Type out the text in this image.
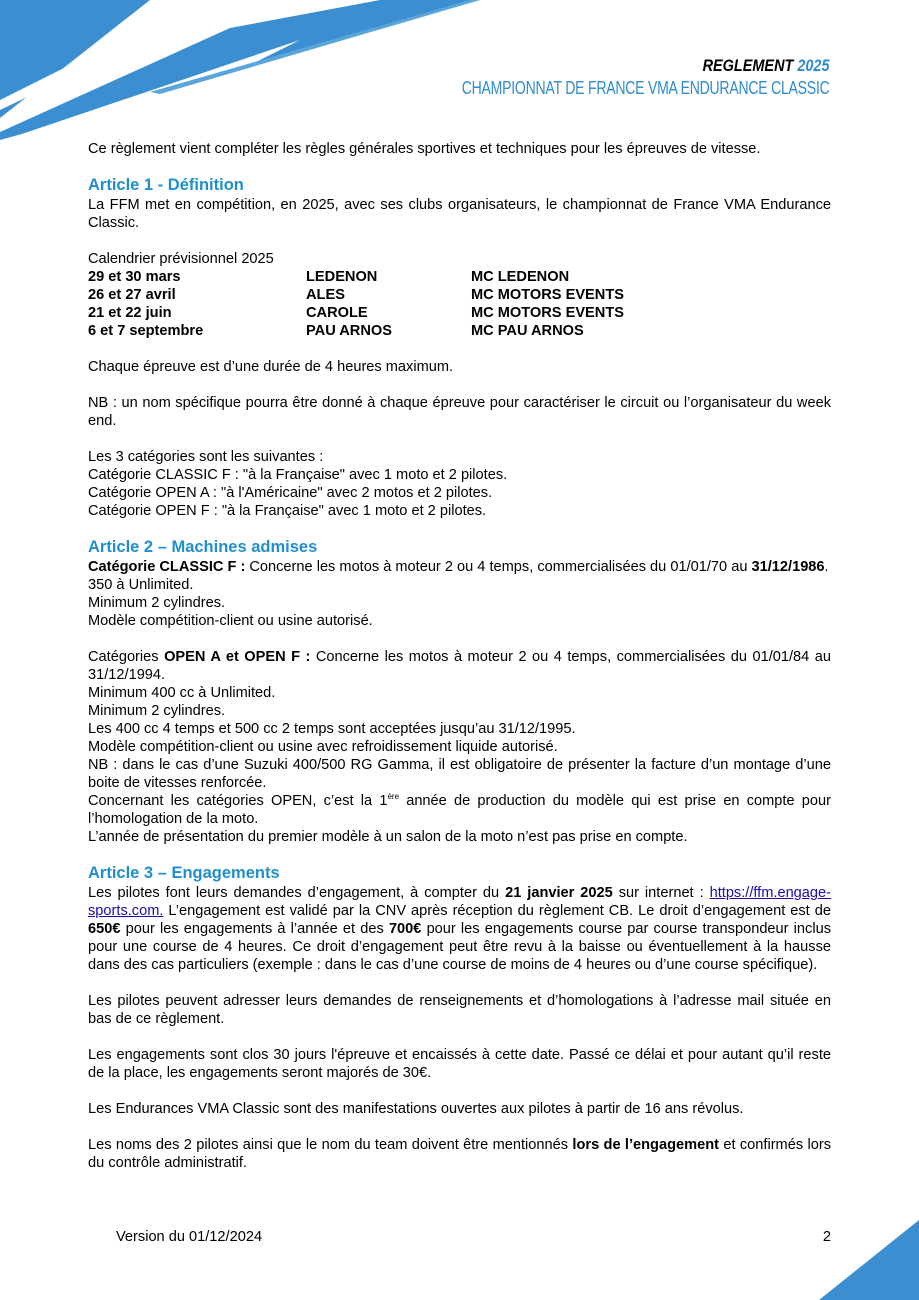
REGLEMENT 2025
CHAMPIONNAT DE FRANCE VMA ENDURANCE CLASSIC

Ce règlement vient compléter les règles générales sportives et techniques pour les épreuves de vitesse.

Article 1 - Définition

La FFM met en compétition, en 2025, avec ses clubs organisateurs, le championnat de France VMA Endurance Classic.

Calendrier prévisionnel 2025

29 et 30 mars	LEDENON	MC LEDENON
26 et 27 avril	ALES	MC MOTORS EVENTS
21 et 22 juin	CAROLE	MC MOTORS EVENTS
6 et 7 septembre	PAU ARNOS	MC PAU ARNOS

Chaque épreuve est d’une durée de 4 heures maximum.

NB : un nom spécifique pourra être donné à chaque épreuve pour caractériser le circuit ou l’organisateur du week end.

Les 3 catégories sont les suivantes :

Catégorie CLASSIC F : "à la Française" avec 1 moto et 2 pilotes.

Catégorie OPEN A : "à l'Américaine" avec 2 motos et 2 pilotes.

Catégorie OPEN F : "à la Française" avec 1 moto et 2 pilotes.

Article 2 – Machines admises

Catégorie CLASSIC F : Concerne les motos à moteur 2 ou 4 temps, commercialisées du 01/01/70 au 31/12/1986.

350 à Unlimited.

Minimum 2 cylindres.

Modèle compétition-client ou usine autorisé.

Catégories OPEN A et OPEN F : Concerne les motos à moteur 2 ou 4 temps, commercialisées du 01/01/84 au 31/12/1994.

Minimum 400 cc à Unlimited.

Minimum 2 cylindres.

Les 400 cc 4 temps et 500 cc 2 temps sont acceptées jusqu’au 31/12/1995.

Modèle compétition-client ou usine avec refroidissement liquide autorisé.

NB : dans le cas d’une Suzuki 400/500 RG Gamma, il est obligatoire de présenter la facture d’un montage d’une boite de vitesses renforcée.

Concernant les catégories OPEN, c’est la 1ère année de production du modèle qui est prise en compte pour l’homologation de la moto.

L’année de présentation du premier modèle à un salon de la moto n’est pas prise en compte.

Article 3 – Engagements

Les pilotes font leurs demandes d’engagement, à compter du 21 janvier 2025 sur internet : https://ffm.engage-sports.com. L’engagement est validé par la CNV après réception du règlement CB. Le droit d’engagement est de 650€ pour les engagements à l’année et des 700€ pour les engagements course par course transpondeur inclus pour une course de 4 heures. Ce droit d’engagement peut être revu à la baisse ou éventuellement à la hausse dans des cas particuliers (exemple : dans le cas d’une course de moins de 4 heures ou d’une course spécifique).

Les pilotes peuvent adresser leurs demandes de renseignements et d’homologations à l’adresse mail située en bas de ce règlement.

Les engagements sont clos 30 jours l'épreuve et encaissés à cette date. Passé ce délai et pour autant qu’il reste de la place, les engagements seront majorés de 30€.

Les Endurances VMA Classic sont des manifestations ouvertes aux pilotes à partir de 16 ans révolus.

Les noms des 2 pilotes ainsi que le nom du team doivent être mentionnés lors de l’engagement et confirmés lors du contrôle administratif.

Version du 01/12/2024	2
